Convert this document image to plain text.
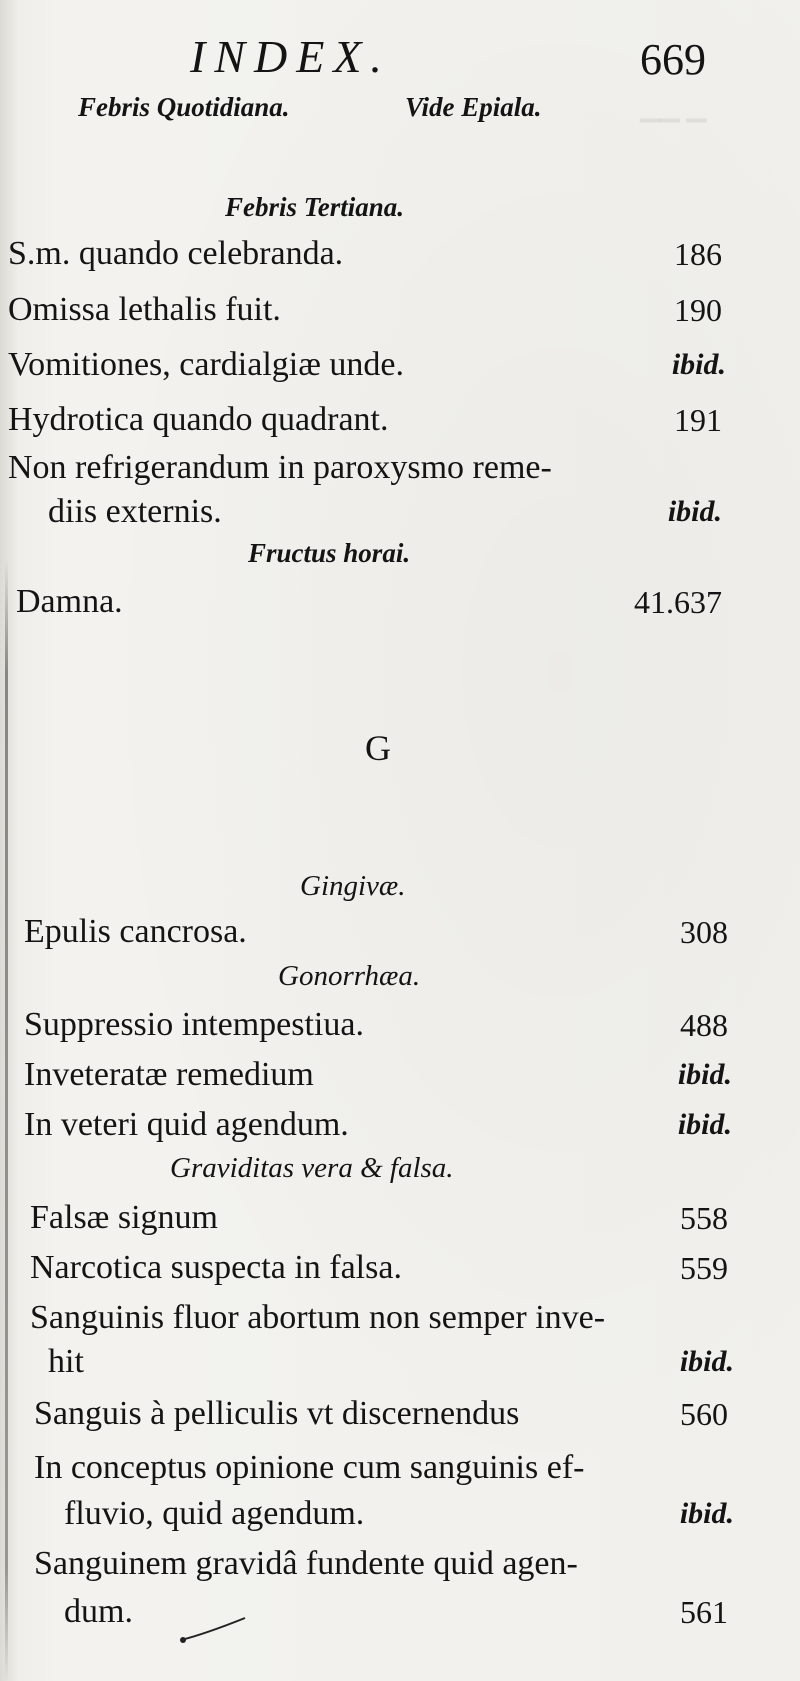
▁▁ ▁
INDEX.	669
Febris Quotidiana.	Vide Epiala.
Febris Tertiana.
S.m. quando celebranda.	186
Omissa lethalis fuit.	190
Vomitiones, cardialgiæ unde.	ibid.
Hydrotica quando quadrant.	191
Non refrigerandum in paroxysmo reme-
diis externis.	ibid.
Fructus horai.
Damna.	41.637
G
Gingivæ.
Epulis cancrosa.	308
Gonorrhæa.
Suppressio intempestiua.	488
Inveteratæ remedium	ibid.
In veteri quid agendum.	ibid.
Graviditas vera & falsa.
Falsæ signum	558
Narcotica suspecta in falsa.	559
Sanguinis fluor abortum non semper inve-
hit	ibid.
Sanguis à pelliculis vt discernendus	560
In conceptus opinione cum sanguinis ef-
fluvio, quid agendum.	ibid.
Sanguinem gravidâ fundente quid agen-
dum.	561
